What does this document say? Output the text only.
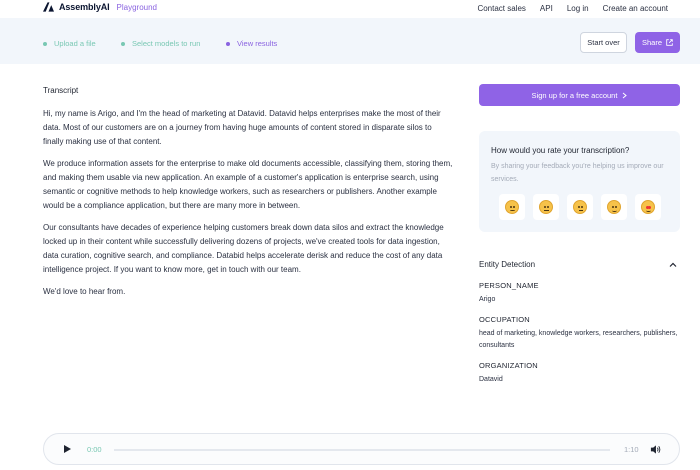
AssemblyAI Playground	Contact sales API Log in Create an account
Upload a file	Select models to run	View results	Start over	Share
Transcript

Hi, my name is Arigo, and I'm the head of marketing at Datavid. Datavid helps enterprises make the most of their data. Most of our customers are on a journey from having huge amounts of content stored in disparate silos to finally making use of that content.

We produce information assets for the enterprise to make old documents accessible, classifying them, storing them, and making them usable via new application. An example of a customer's application is enterprise search, using semantic or cognitive methods to help knowledge workers, such as researchers or publishers. Another example would be a compliance application, but there are many more in between.

Our consultants have decades of experience helping customers break down data silos and extract the knowledge locked up in their content while successfully delivering dozens of projects, we've created tools for data ingestion, data curation, cognitive search, and compliance. Databid helps accelerate derisk and reduce the cost of any data intelligence project. If you want to know more, get in touch with our team.

We'd love to hear from.

Sign up for a free account
How would you rate your transcription?
By sharing your feedback you're helping us improve our services.
Entity Detection
PERSON_NAME
Arigo
OCCUPATION
head of marketing, knowledge workers, researchers, publishers, consultants
ORGANIZATION
Datavid
0:00	1:10
